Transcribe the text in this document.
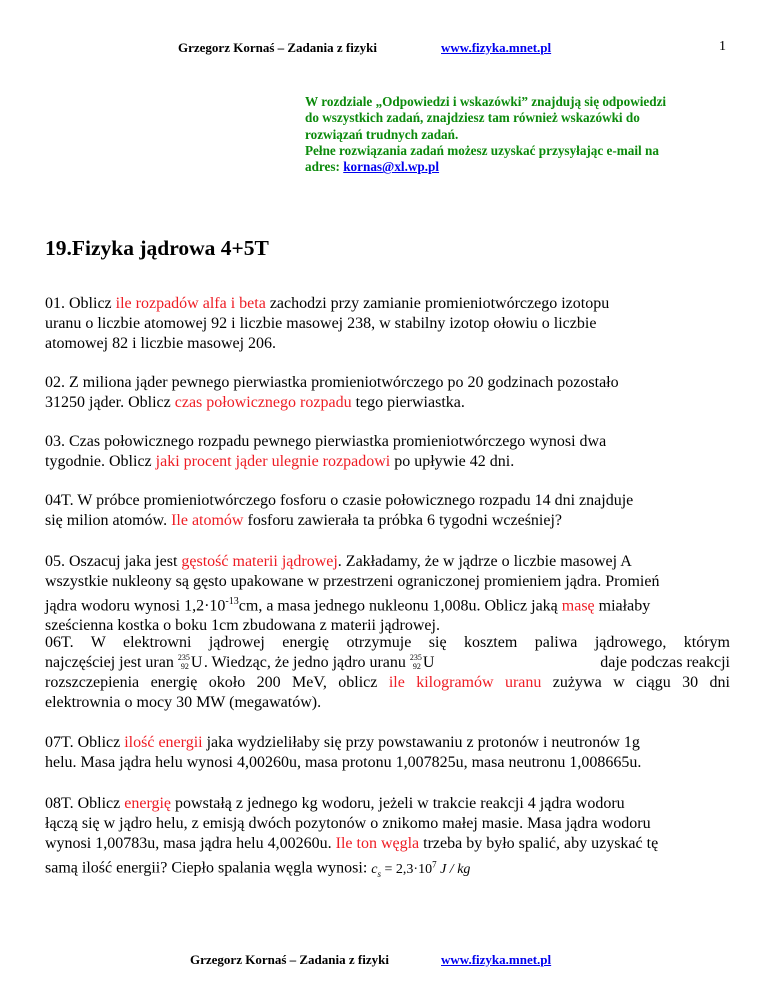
Grzegorz Kornaś – Zadania z fizyki	www.fizyka.mnet.pl	1

W rozdziale „Odpowiedzi i wskazówki” znajdują się odpowiedzi

do wszystkich zadań, znajdziesz tam również wskazówki do

rozwiązań trudnych zadań.

Pełne rozwiązania zadań możesz uzyskać przysyłając e-mail na

adres: kornas@xl.wp.pl

19.Fizyka jądrowa 4+5T

01. Oblicz ile rozpadów alfa i beta zachodzi przy zamianie promieniotwórczego izotopu

uranu o liczbie atomowej 92 i liczbie masowej 238, w stabilny izotop ołowiu o liczbie

atomowej 82 i liczbie masowej 206.

02. Z miliona jąder pewnego pierwiastka promieniotwórczego po 20 godzinach pozostało

31250 jąder. Oblicz czas połowicznego rozpadu tego pierwiastka.

03. Czas połowicznego rozpadu pewnego pierwiastka promieniotwórczego wynosi dwa

tygodnie. Oblicz jaki procent jąder ulegnie rozpadowi po upływie 42 dni.

04T. W próbce promieniotwórczego fosforu o czasie połowicznego rozpadu 14 dni znajduje

się milion atomów. Ile atomów fosforu zawierała ta próbka 6 tygodni wcześniej?

05. Oszacuj jaka jest gęstość materii jądrowej. Zakładamy, że w jądrze o liczbie masowej A

wszystkie nukleony są gęsto upakowane w przestrzeni ograniczonej promieniem jądra. Promień

jądra wodoru wynosi $1,2\cdot 10^{-13}cm$, a masa jednego nukleonu 1,008u. Oblicz jaką masę miałaby

sześcienna kostka o boku 1cm zbudowana z materii jądrowej.

06T. W elektrowni jądrowej energię otrzymuje się kosztem paliwa jądrowego, którym

najczęściej jest uran 235
92 U . Wiedząc, że jedno jądro uranu 235
92 U	daje podczas reakcji

rozszczepienia energię około 200 MeV, oblicz ile kilogramów uranu zużywa w ciągu 30 dni

elektrownia o mocy 30 MW (megawatów).

07T. Oblicz ilość energii jaka wydzieliłaby się przy powstawaniu z protonów i neutronów 1g

helu. Masa jądra helu wynosi 4,00260u, masa protonu 1,007825u, masa neutronu 1,008665u.

08T. Oblicz energię powstałą z jednego kg wodoru, jeżeli w trakcie reakcji 4 jądra wodoru

łączą się w jądro helu, z emisją dwóch pozytonów o znikomo małej masie. Masa jądra wodoru

wynosi 1,00783u, masa jądra helu 4,00260u. Ile ton węgla trzeba by było spalić, aby uzyskać tę

samą ilość energii? Ciepło spalania węgla wynosi: $c_s = 2,3\cdot 10^7$ J / kg

Grzegorz Kornaś – Zadania z fizyki	www.fizyka.mnet.pl
